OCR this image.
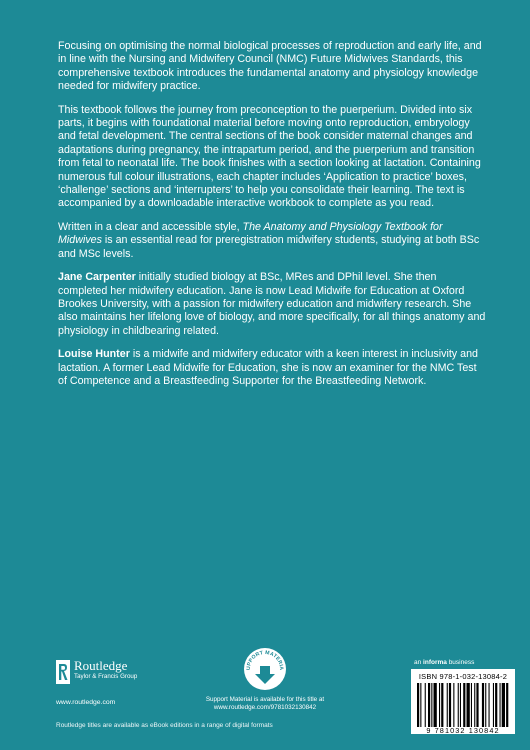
Focusing on optimising the normal biological processes of reproduction and early life, and in line with the Nursing and Midwifery Council (NMC) Future Midwives Standards, this comprehensive textbook introduces the fundamental anatomy and physiology knowledge needed for midwifery practice.

This textbook follows the journey from preconception to the puerperium. Divided into six parts, it begins with foundational material before moving onto reproduction, embryology and fetal development. The central sections of the book consider maternal changes and adaptations during pregnancy, the intrapartum period, and the puerperium and transition from fetal to neonatal life. The book finishes with a section looking at lactation. Containing numerous full colour illustrations, each chapter includes ‘Application to practice’ boxes, ‘challenge’ sections and ‘interrupters’ to help you consolidate their learning. The text is accompanied by a downloadable interactive workbook to complete as you read.

Written in a clear and accessible style, The Anatomy and Physiology Textbook for Midwives is an essential read for preregistration midwifery students, studying at both BSc and MSc levels.

Jane Carpenter initially studied biology at BSc, MRes and DPhil level. She then completed her midwifery education. Jane is now Lead Midwife for Education at Oxford Brookes University, with a passion for midwifery education and midwifery research. She also maintains her lifelong love of biology, and more specifically, for all things anatomy and physiology in childbearing related.

Louise Hunter is a midwife and midwifery educator with a keen interest in inclusivity and lactation. A former Lead Midwife for Education, she is now an examiner for the NMC Test of Competence and a Breastfeeding Supporter for the Breastfeeding Network.

Routledge
Taylor & Francis Group
www.routledge.com
Routledge titles are available as eBook editions in a range of digital formats
UPPORT MATERIA
Support Material is available for this title at
www.routledge.com/9781032130842
an informa business
ISBN 978-1-032-13084-2
9 781032 130842
